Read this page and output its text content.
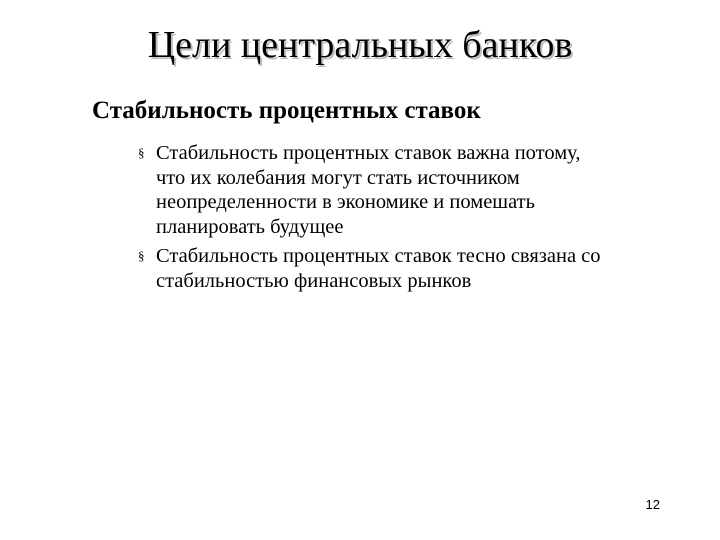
Цели центральных банков
Стабильность процентных ставок
§ Стабильность процентных ставок важна потому,
что их колебания могут стать источником
неопределенности в экономике и помешать
планировать будущее
§ Стабильность процентных ставок тесно связана со
стабильностью финансовых рынков
12
